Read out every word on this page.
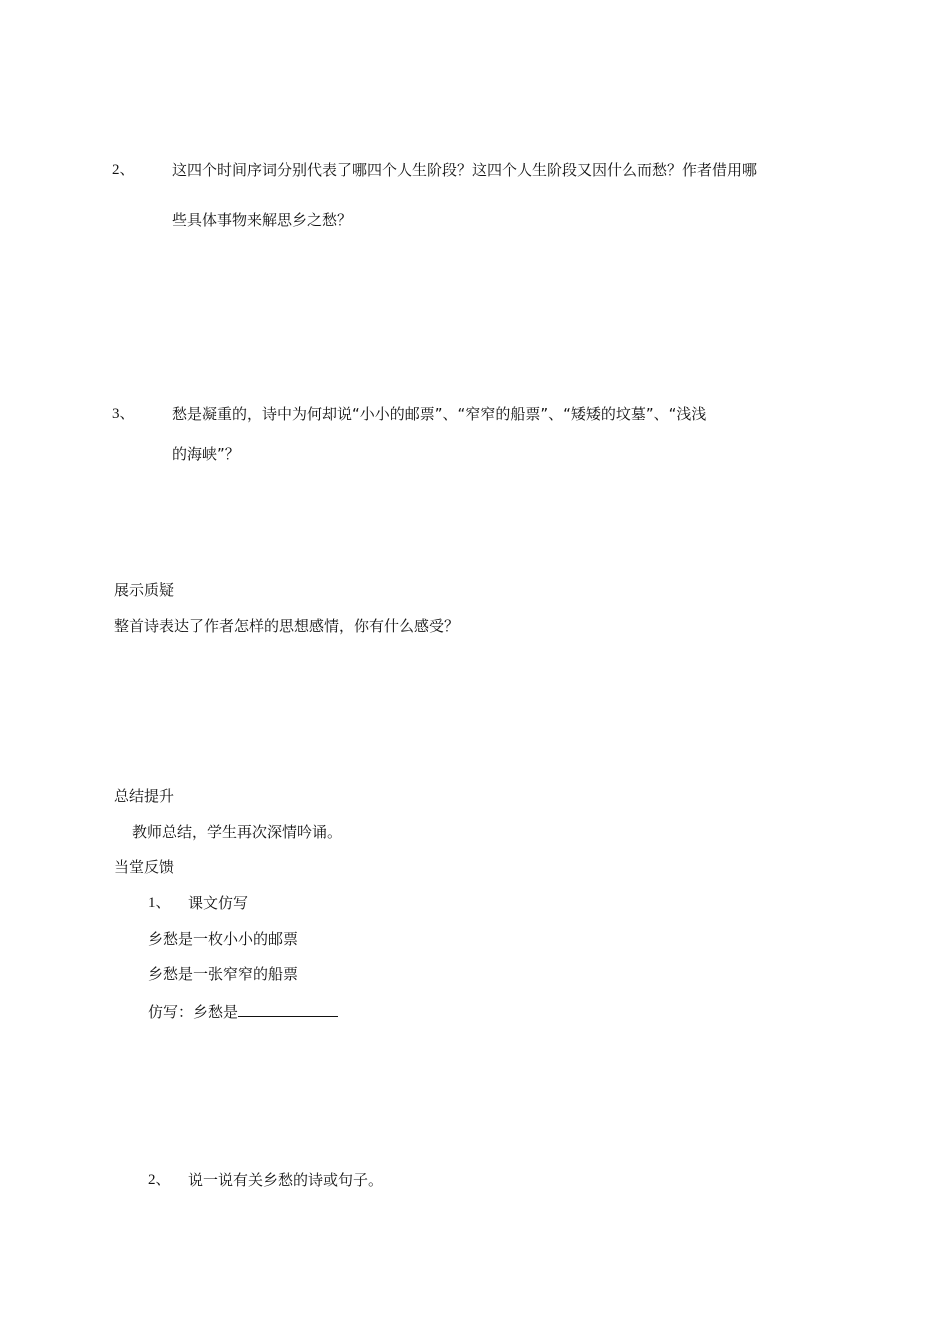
2、 这四个时间序词分别代表了哪四个人生阶段？这四个人生阶段又因什么而愁？作者借用哪
些具体事物来解思乡之愁？
3、 愁是凝重的，诗中为何却说“小小的邮票”、“窄窄的船票”、“矮矮的坟墓”、“浅浅
的海峡”？
展示质疑
整首诗表达了作者怎样的思想感情，你有什么感受？
总结提升
教师总结，学生再次深情吟诵。
当堂反馈
1、 课文仿写
乡愁是一枚小小的邮票
乡愁是一张窄窄的船票
仿写：乡愁是
2、 说一说有关乡愁的诗或句子。
